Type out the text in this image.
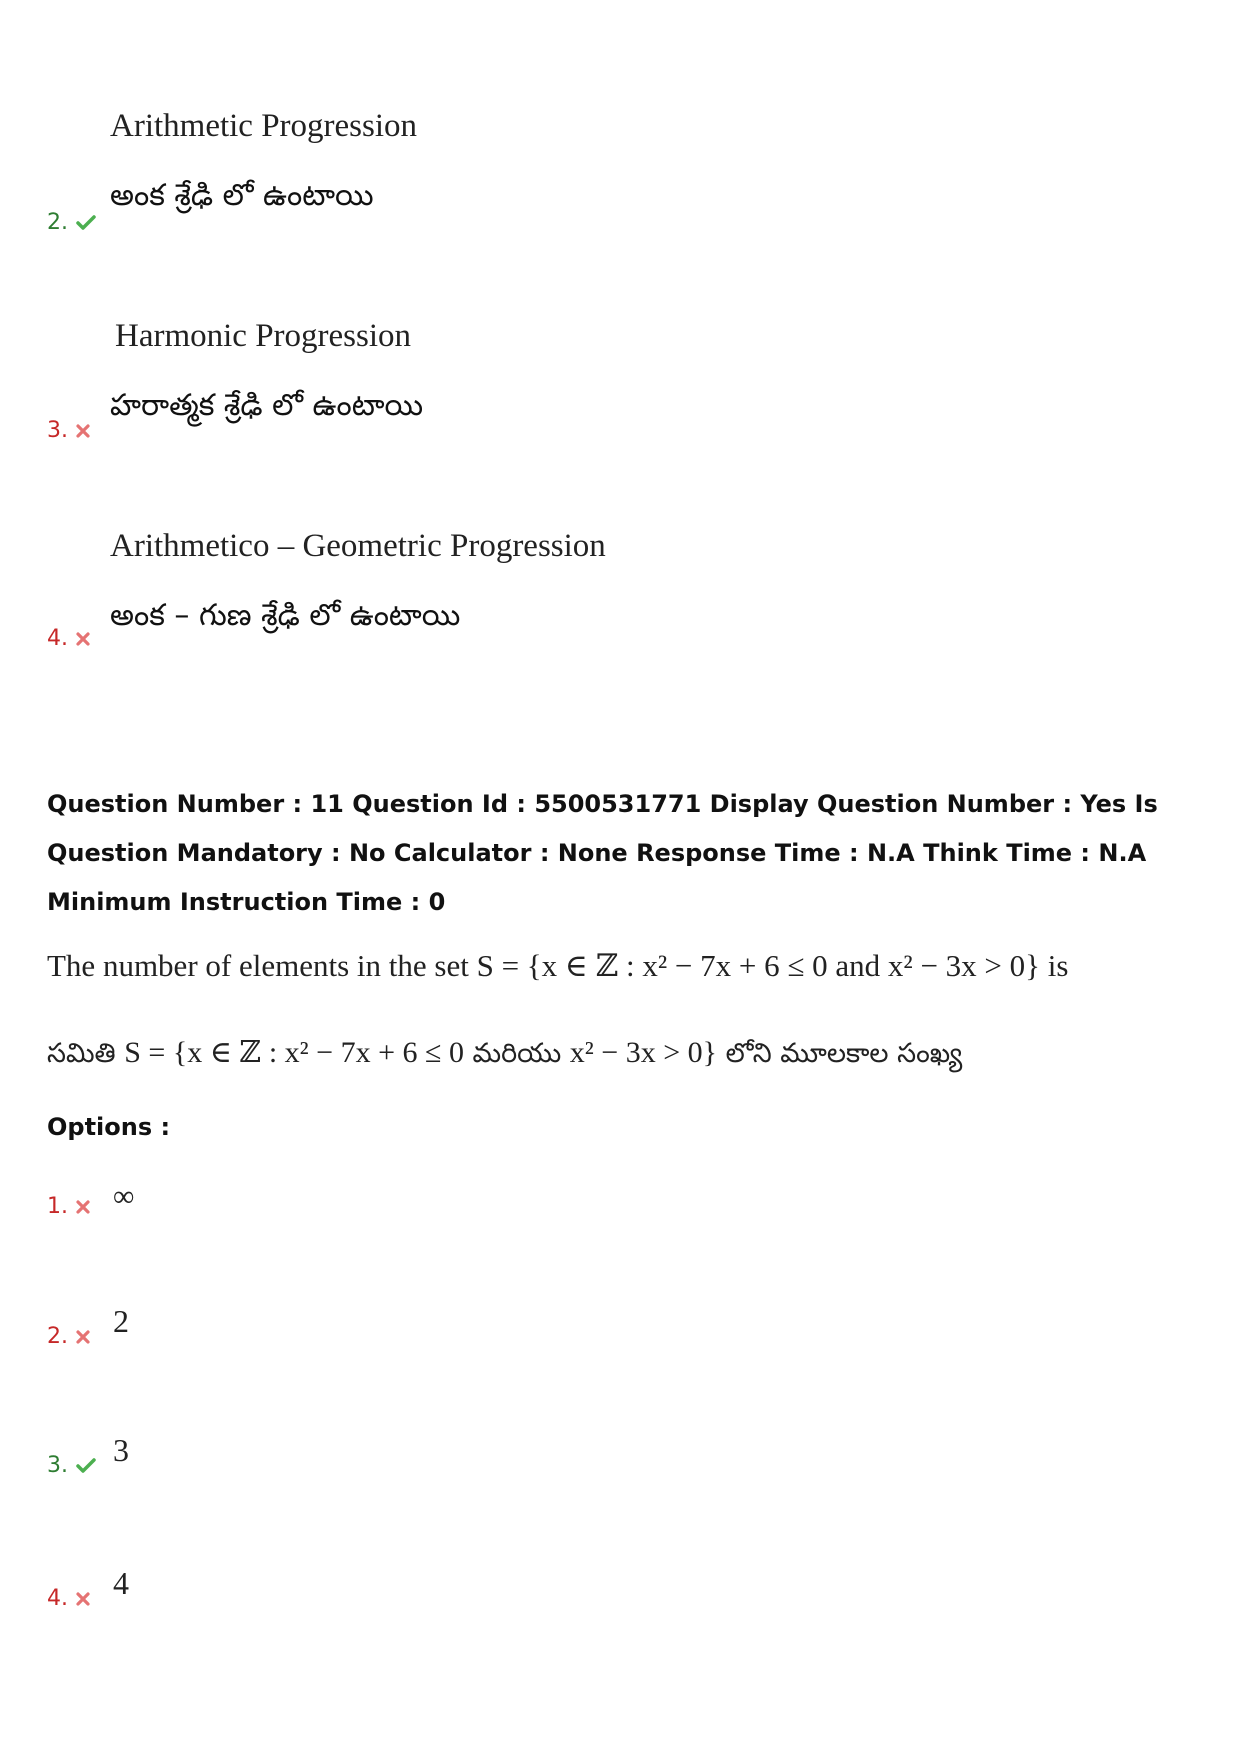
Arithmetic Progression
అంక శ్రేఢి లో ఉంటాయి
2.
Harmonic Progression
హరాత్మక శ్రేఢి లో ఉంటాయి
3.
Arithmetico – Geometric Progression
అంక – గుణ శ్రేఢి లో ఉంటాయి
4.
Question Number : 11 Question Id : 5500531771 Display Question Number : Yes Is Question Mandatory : No Calculator : None Response Time : N.A Think Time : N.A Minimum Instruction Time : 0
The number of elements in the set S = {x ∈ ℤ : x² − 7x + 6 ≤ 0 and x² − 3x > 0} is
సమితి S = {x ∈ ℤ : x² − 7x + 6 ≤ 0 మరియు x² − 3x > 0} లోని మూలకాల సంఖ్య
Options :
1. ∞
2. 2
3. 3
4. 4
